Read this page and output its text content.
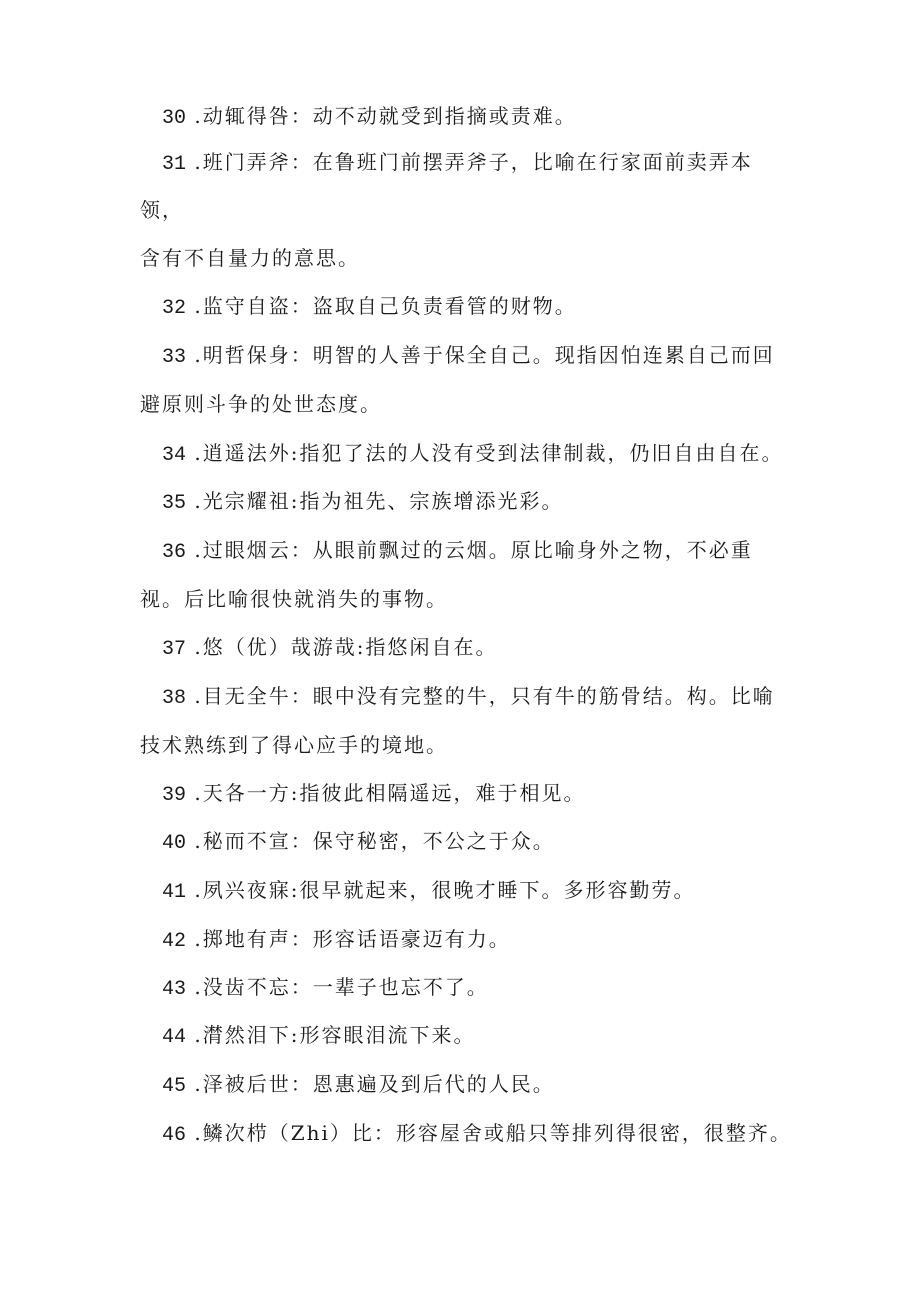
30 .动辄得咎：动不动就受到指摘或责难。
31 .班门弄斧：在鲁班门前摆弄斧子，比喻在行家面前卖弄本
领，
含有不自量力的意思。
32 .监守自盗：盗取自己负责看管的财物。
33 .明哲保身：明智的人善于保全自己。现指因怕连累自己而回
避原则斗争的处世态度。
34 .逍遥法外:指犯了法的人没有受到法律制裁，仍旧自由自在。
35 .光宗耀祖:指为祖先、宗族增添光彩。
36 .过眼烟云：从眼前飘过的云烟。原比喻身外之物，不必重
视。后比喻很快就消失的事物。
37 .悠（优）哉游哉:指悠闲自在。
38 .目无全牛：眼中没有完整的牛，只有牛的筋骨结。构。比喻
技术熟练到了得心应手的境地。
39 .天各一方:指彼此相隔遥远，难于相见。
40 .秘而不宣：保守秘密，不公之于众。
41 .夙兴夜寐:很早就起来，很晚才睡下。多形容勤劳。
42 .掷地有声：形容话语豪迈有力。
43 .没齿不忘：一辈子也忘不了。
44 .潸然泪下:形容眼泪流下来。
45 .泽被后世：恩惠遍及到后代的人民。
46 .鳞次栉（Zhi）比：形容屋舍或船只等排列得很密，很整齐。
